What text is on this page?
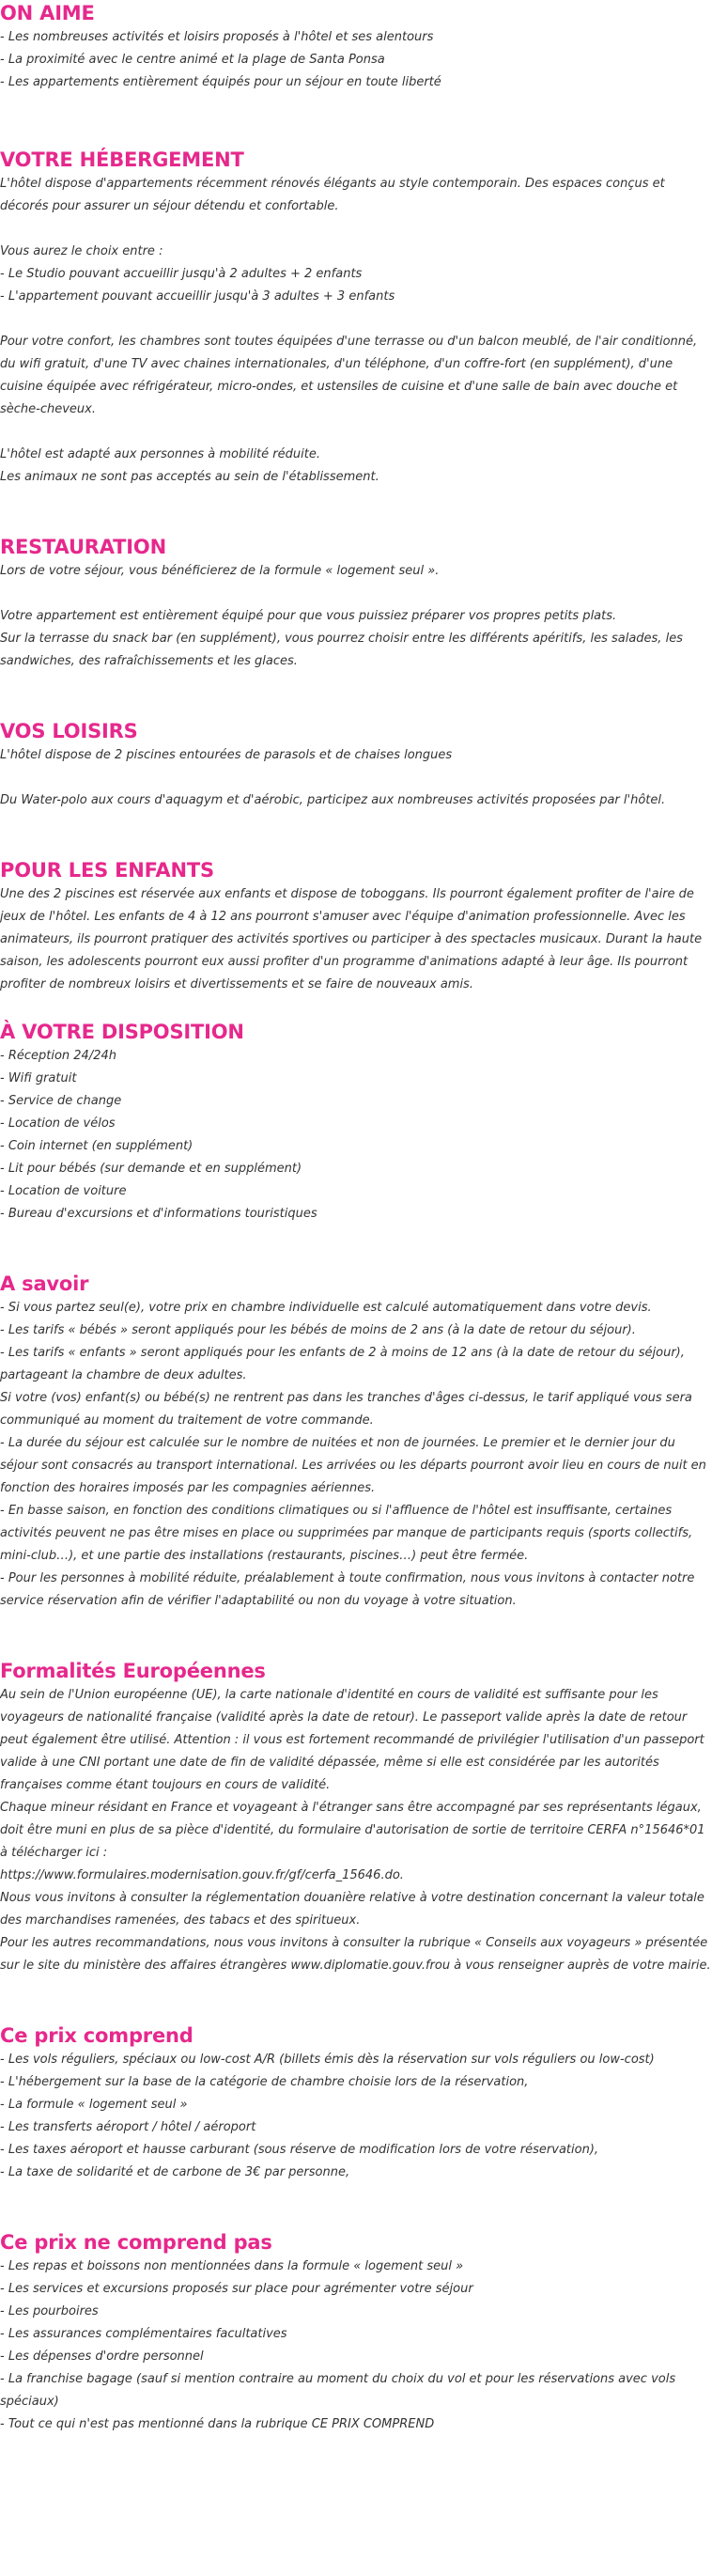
ON AIME
- Les nombreuses activités et loisirs proposés à l'hôtel et ses alentours
- La proximité avec le centre animé et la plage de Santa Ponsa
- Les appartements entièrement équipés pour un séjour en toute liberté
VOTRE HÉBERGEMENT
L'hôtel dispose d'appartements récemment rénovés élégants au style contemporain. Des espaces conçus et décorés pour assurer un séjour détendu et confortable.
Vous aurez le choix entre :
- Le Studio pouvant accueillir jusqu'à 2 adultes + 2 enfants
- L'appartement pouvant accueillir jusqu'à 3 adultes + 3 enfants
Pour votre confort, les chambres sont toutes équipées d'une terrasse ou d'un balcon meublé, de l'air conditionné, du wifi gratuit, d'une TV avec chaines internationales, d'un téléphone, d'un coffre-fort (en supplément), d'une cuisine équipée avec réfrigérateur, micro-ondes, et ustensiles de cuisine et d'une salle de bain avec douche et sèche-cheveux.
L'hôtel est adapté aux personnes à mobilité réduite.
Les animaux ne sont pas acceptés au sein de l'établissement.
RESTAURATION
Lors de votre séjour, vous bénéficierez de la formule « logement seul ».
Votre appartement est entièrement équipé pour que vous puissiez préparer vos propres petits plats.
Sur la terrasse du snack bar (en supplément), vous pourrez choisir entre les différents apéritifs, les salades, les sandwiches, des rafraîchissements et les glaces.
VOS LOISIRS
L'hôtel dispose de 2 piscines entourées de parasols et de chaises longues
Du Water-polo aux cours d'aquagym et d'aérobic, participez aux nombreuses activités proposées par l'hôtel.
POUR LES ENFANTS
Une des 2 piscines est réservée aux enfants et dispose de toboggans. Ils pourront également profiter de l'aire de jeux de l'hôtel. Les enfants de 4 à 12 ans pourront s'amuser avec l'équipe d'animation professionnelle. Avec les animateurs, ils pourront pratiquer des activités sportives ou participer à des spectacles musicaux. Durant la haute saison, les adolescents pourront eux aussi profiter d'un programme d'animations adapté à leur âge. Ils pourront profiter de nombreux loisirs et divertissements et se faire de nouveaux amis.
À VOTRE DISPOSITION
- Réception 24/24h
- Wifi gratuit
- Service de change
- Location de vélos
- Coin internet (en supplément)
- Lit pour bébés (sur demande et en supplément)
- Location de voiture
- Bureau d'excursions et d'informations touristiques
A savoir
- Si vous partez seul(e), votre prix en chambre individuelle est calculé automatiquement dans votre devis.
- Les tarifs « bébés » seront appliqués pour les bébés de moins de 2 ans (à la date de retour du séjour).
- Les tarifs « enfants » seront appliqués pour les enfants de 2 à moins de 12 ans (à la date de retour du séjour), partageant la chambre de deux adultes.
Si votre (vos) enfant(s) ou bébé(s) ne rentrent pas dans les tranches d'âges ci-dessus, le tarif appliqué vous sera communiqué au moment du traitement de votre commande.
- La durée du séjour est calculée sur le nombre de nuitées et non de journées. Le premier et le dernier jour du séjour sont consacrés au transport international. Les arrivées ou les départs pourront avoir lieu en cours de nuit en fonction des horaires imposés par les compagnies aériennes.
- En basse saison, en fonction des conditions climatiques ou si l'affluence de l'hôtel est insuffisante, certaines activités peuvent ne pas être mises en place ou supprimées par manque de participants requis (sports collectifs, mini-club…), et une partie des installations (restaurants, piscines…) peut être fermée.
- Pour les personnes à mobilité réduite, préalablement à toute confirmation, nous vous invitons à contacter notre service réservation afin de vérifier l'adaptabilité ou non du voyage à votre situation.
Formalités Européennes
Au sein de l'Union européenne (UE), la carte nationale d'identité en cours de validité est suffisante pour les voyageurs de nationalité française (validité après la date de retour). Le passeport valide après la date de retour peut également être utilisé. Attention : il vous est fortement recommandé de privilégier l'utilisation d'un passeport valide à une CNI portant une date de fin de validité dépassée, même si elle est considérée par les autorités françaises comme étant toujours en cours de validité.
Chaque mineur résidant en France et voyageant à l'étranger sans être accompagné par ses représentants légaux, doit être muni en plus de sa pièce d'identité, du formulaire d'autorisation de sortie de territoire CERFA n°15646*01 à télécharger ici :
https://www.formulaires.modernisation.gouv.fr/gf/cerfa_15646.do.
Nous vous invitons à consulter la réglementation douanière relative à votre destination concernant la valeur totale des marchandises ramenées, des tabacs et des spiritueux.
Pour les autres recommandations, nous vous invitons à consulter la rubrique « Conseils aux voyageurs » présentée sur le site du ministère des affaires étrangères www.diplomatie.gouv.frou à vous renseigner auprès de votre mairie.
Ce prix comprend
- Les vols réguliers, spéciaux ou low-cost A/R (billets émis dès la réservation sur vols réguliers ou low-cost)
- L'hébergement sur la base de la catégorie de chambre choisie lors de la réservation,
- La formule « logement seul »
- Les transferts aéroport / hôtel / aéroport
- Les taxes aéroport et hausse carburant (sous réserve de modification lors de votre réservation),
- La taxe de solidarité et de carbone de 3€ par personne,
Ce prix ne comprend pas
- Les repas et boissons non mentionnées dans la formule « logement seul »
- Les services et excursions proposés sur place pour agrémenter votre séjour
- Les pourboires
- Les assurances complémentaires facultatives
- Les dépenses d'ordre personnel
- La franchise bagage (sauf si mention contraire au moment du choix du vol et pour les réservations avec vols spéciaux)
- Tout ce qui n'est pas mentionné dans la rubrique CE PRIX COMPREND
